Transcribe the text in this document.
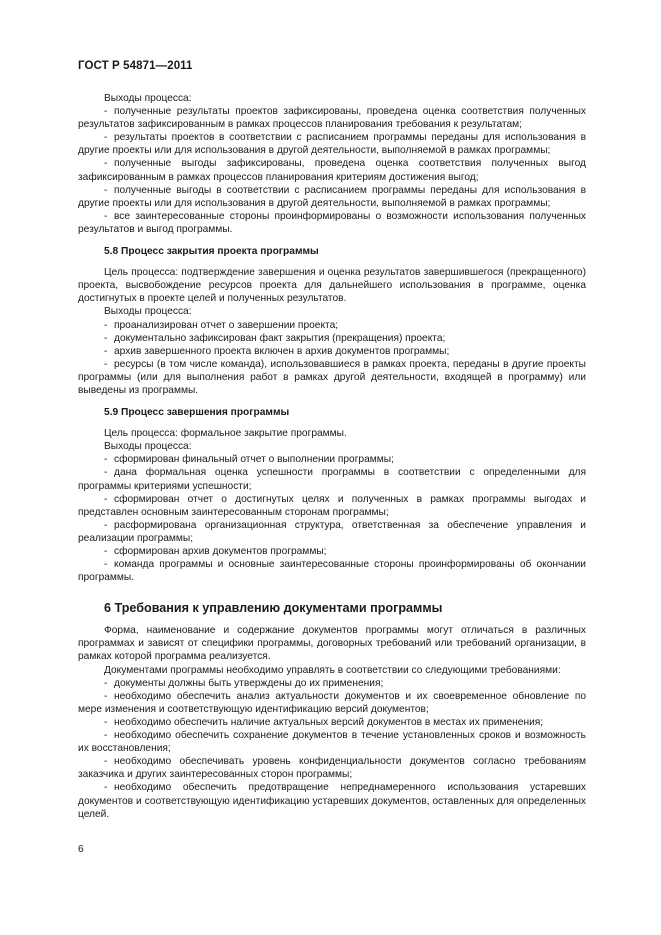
ГОСТ Р 54871—2011

Выходы процесса:

- полученные результаты проектов зафиксированы, проведена оценка соответствия полученных результатов зафиксированным в рамках процессов планирования требования к результатам;

- результаты проектов в соответствии с расписанием программы переданы для использования в другие проекты или для использования в другой деятельности, выполняемой в рамках программы;

- полученные выгоды зафиксированы, проведена оценка соответствия полученных выгод зафиксированным в рамках процессов планирования критериям достижения выгод;

- полученные выгоды в соответствии с расписанием программы переданы для использования в другие проекты или для использования в другой деятельности, выполняемой в рамках программы;

- все заинтересованные стороны проинформированы о возможности использования полученных результатов и выгод программы.

5.8 Процесс закрытия проекта программы

Цель процесса: подтверждение завершения и оценка результатов завершившегося (прекращенного) проекта, высвобождение ресурсов проекта для дальнейшего использования в программе, оценка достигнутых в проекте целей и полученных результатов.

Выходы процесса:

- проанализирован отчет о завершении проекта;

- документально зафиксирован факт закрытия (прекращения) проекта;

- архив завершенного проекта включен в архив документов программы;

- ресурсы (в том числе команда), использовавшиеся в рамках проекта, переданы в другие проекты программы (или для выполнения работ в рамках другой деятельности, входящей в программу) или выведены из программы.

5.9 Процесс завершения программы

Цель процесса: формальное закрытие программы.

Выходы процесса:

- сформирован финальный отчет о выполнении программы;

- дана формальная оценка успешности программы в соответствии с определенными для программы критериями успешности;

- сформирован отчет о достигнутых целях и полученных в рамках программы выгодах и представлен основным заинтересованным сторонам программы;

- расформирована организационная структура, ответственная за обеспечение управления и реализации программы;

- сформирован архив документов программы;

- команда программы и основные заинтересованные стороны проинформированы об окончании программы.

6 Требования к управлению документами программы

Форма, наименование и содержание документов программы могут отличаться в различных программах и зависят от специфики программы, договорных требований или требований организации, в рамках которой программа реализуется.

Документами программы необходимо управлять в соответствии со следующими требованиями:

- документы должны быть утверждены до их применения;

- необходимо обеспечить анализ актуальности документов и их своевременное обновление по мере изменения и соответствующую идентификацию версий документов;

- необходимо обеспечить наличие актуальных версий документов в местах их применения;

- необходимо обеспечить сохранение документов в течение установленных сроков и возможность их восстановления;

- необходимо обеспечивать уровень конфиденциальности документов согласно требованиям заказчика и других заинтересованных сторон программы;

- необходимо обеспечить предотвращение непреднамеренного использования устаревших документов и соответствующую идентификацию устаревших документов, оставленных для определенных целей.

6
